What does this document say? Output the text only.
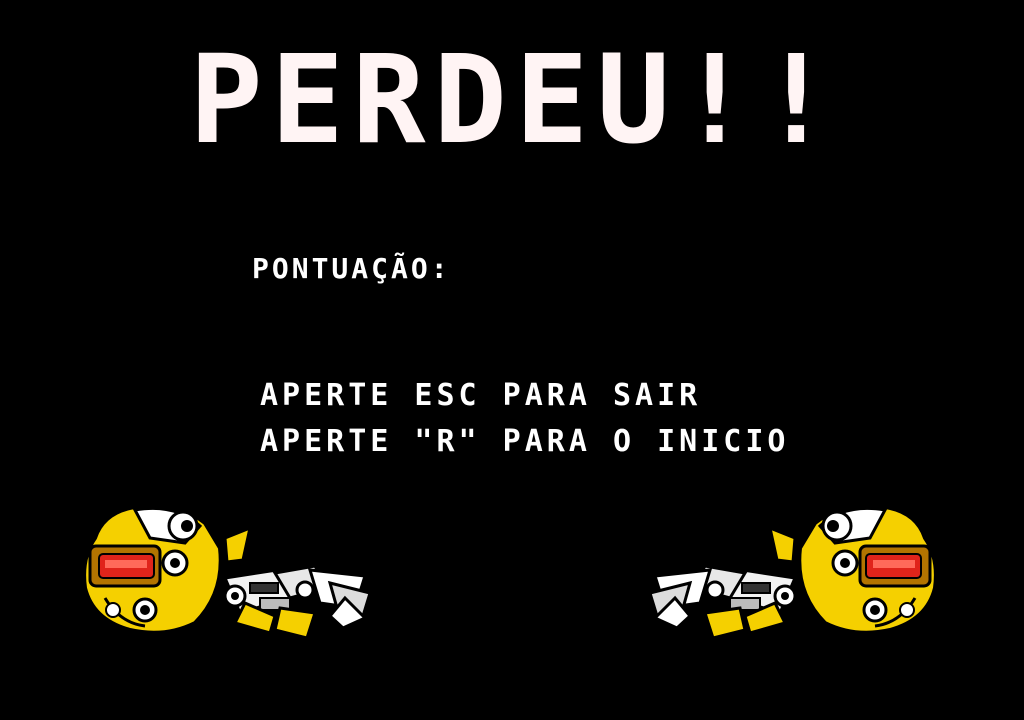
PERDEU!!
PONTUAÇÃO:
APERTE ESC PARA SAIR
APERTE "R" PARA O INICIO
